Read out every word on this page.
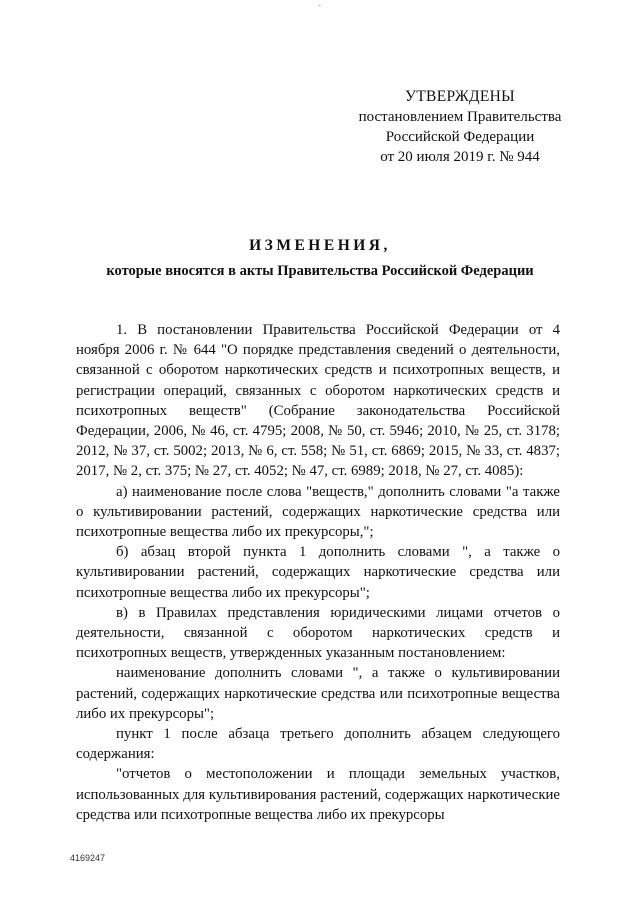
-
УТВЕРЖДЕНЫ
постановлением Правительства
Российской Федерации
от 20 июля 2019 г. № 944
ИЗМЕНЕНИЯ,
которые вносятся в акты Правительства Российской Федерации

1. В постановлении Правительства Российской Федерации от 4 ноября 2006 г. № 644 "О порядке представления сведений о деятельности, связанной с оборотом наркотических средств и психотропных веществ, и регистрации операций, связанных с оборотом наркотических средств и психотропных веществ" (Собрание законодательства Российской Федерации, 2006, № 46, ст. 4795; 2008, № 50, ст. 5946; 2010, № 25, ст. 3178; 2012, № 37, ст. 5002; 2013, № 6, ст. 558; № 51, ст. 6869; 2015, № 33, ст. 4837; 2017, № 2, ст. 375; № 27, ст. 4052; № 47, ст. 6989; 2018, № 27, ст. 4085):

а) наименование после слова "веществ," дополнить словами "а также о культивировании растений, содержащих наркотические средства или психотропные вещества либо их прекурсоры,";

б) абзац второй пункта 1 дополнить словами ", а также о культивировании растений, содержащих наркотические средства или психотропные вещества либо их прекурсоры";

в) в Правилах представления юридическими лицами отчетов о деятельности, связанной с оборотом наркотических средств и психотропных веществ, утвержденных указанным постановлением:

наименование дополнить словами ", а также о культивировании растений, содержащих наркотические средства или психотропные вещества либо их прекурсоры";

пункт 1 после абзаца третьего дополнить абзацем следующего содержания:

"отчетов о местоположении и площади земельных участков, использованных для культивирования растений, содержащих наркотические средства или психотропные вещества либо их прекурсоры

4169247
